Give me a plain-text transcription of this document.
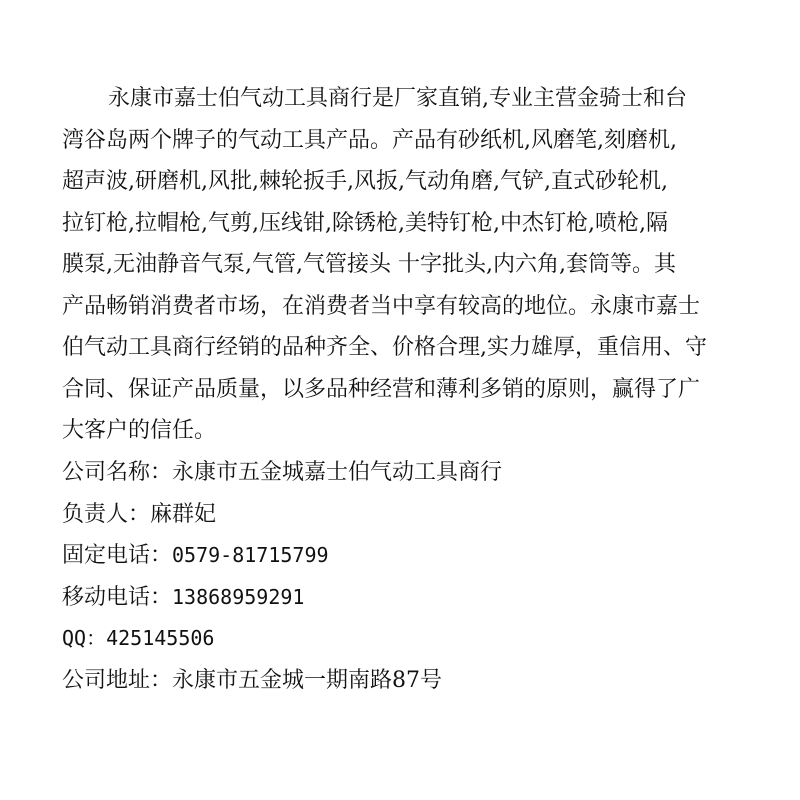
永康市嘉士伯气动工具商行是厂家直销,专业主营金骑士和台
湾谷岛两个牌子的气动工具产品。产品有砂纸机,风磨笔,刻磨机,
超声波,研磨机,风批,棘轮扳手,风扳,气动角磨,气铲,直式砂轮机,
拉钉枪,拉帽枪,气剪,压线钳,除锈枪,美特钉枪,中杰钉枪,喷枪,隔
膜泵,无油静音气泵,气管,气管接头 十字批头,内六角,套筒等。其
产品畅销消费者市场，在消费者当中享有较高的地位。永康市嘉士
伯气动工具商行经销的品种齐全、价格合理,实力雄厚，重信用、守
合同、保证产品质量，以多品种经营和薄利多销的原则，赢得了广
大客户的信任。
公司名称：永康市五金城嘉士伯气动工具商行
负责人：麻群妃
固定电话：0579-81715799
移动电话：13868959291
QQ：425145506
公司地址：永康市五金城一期南路87号
